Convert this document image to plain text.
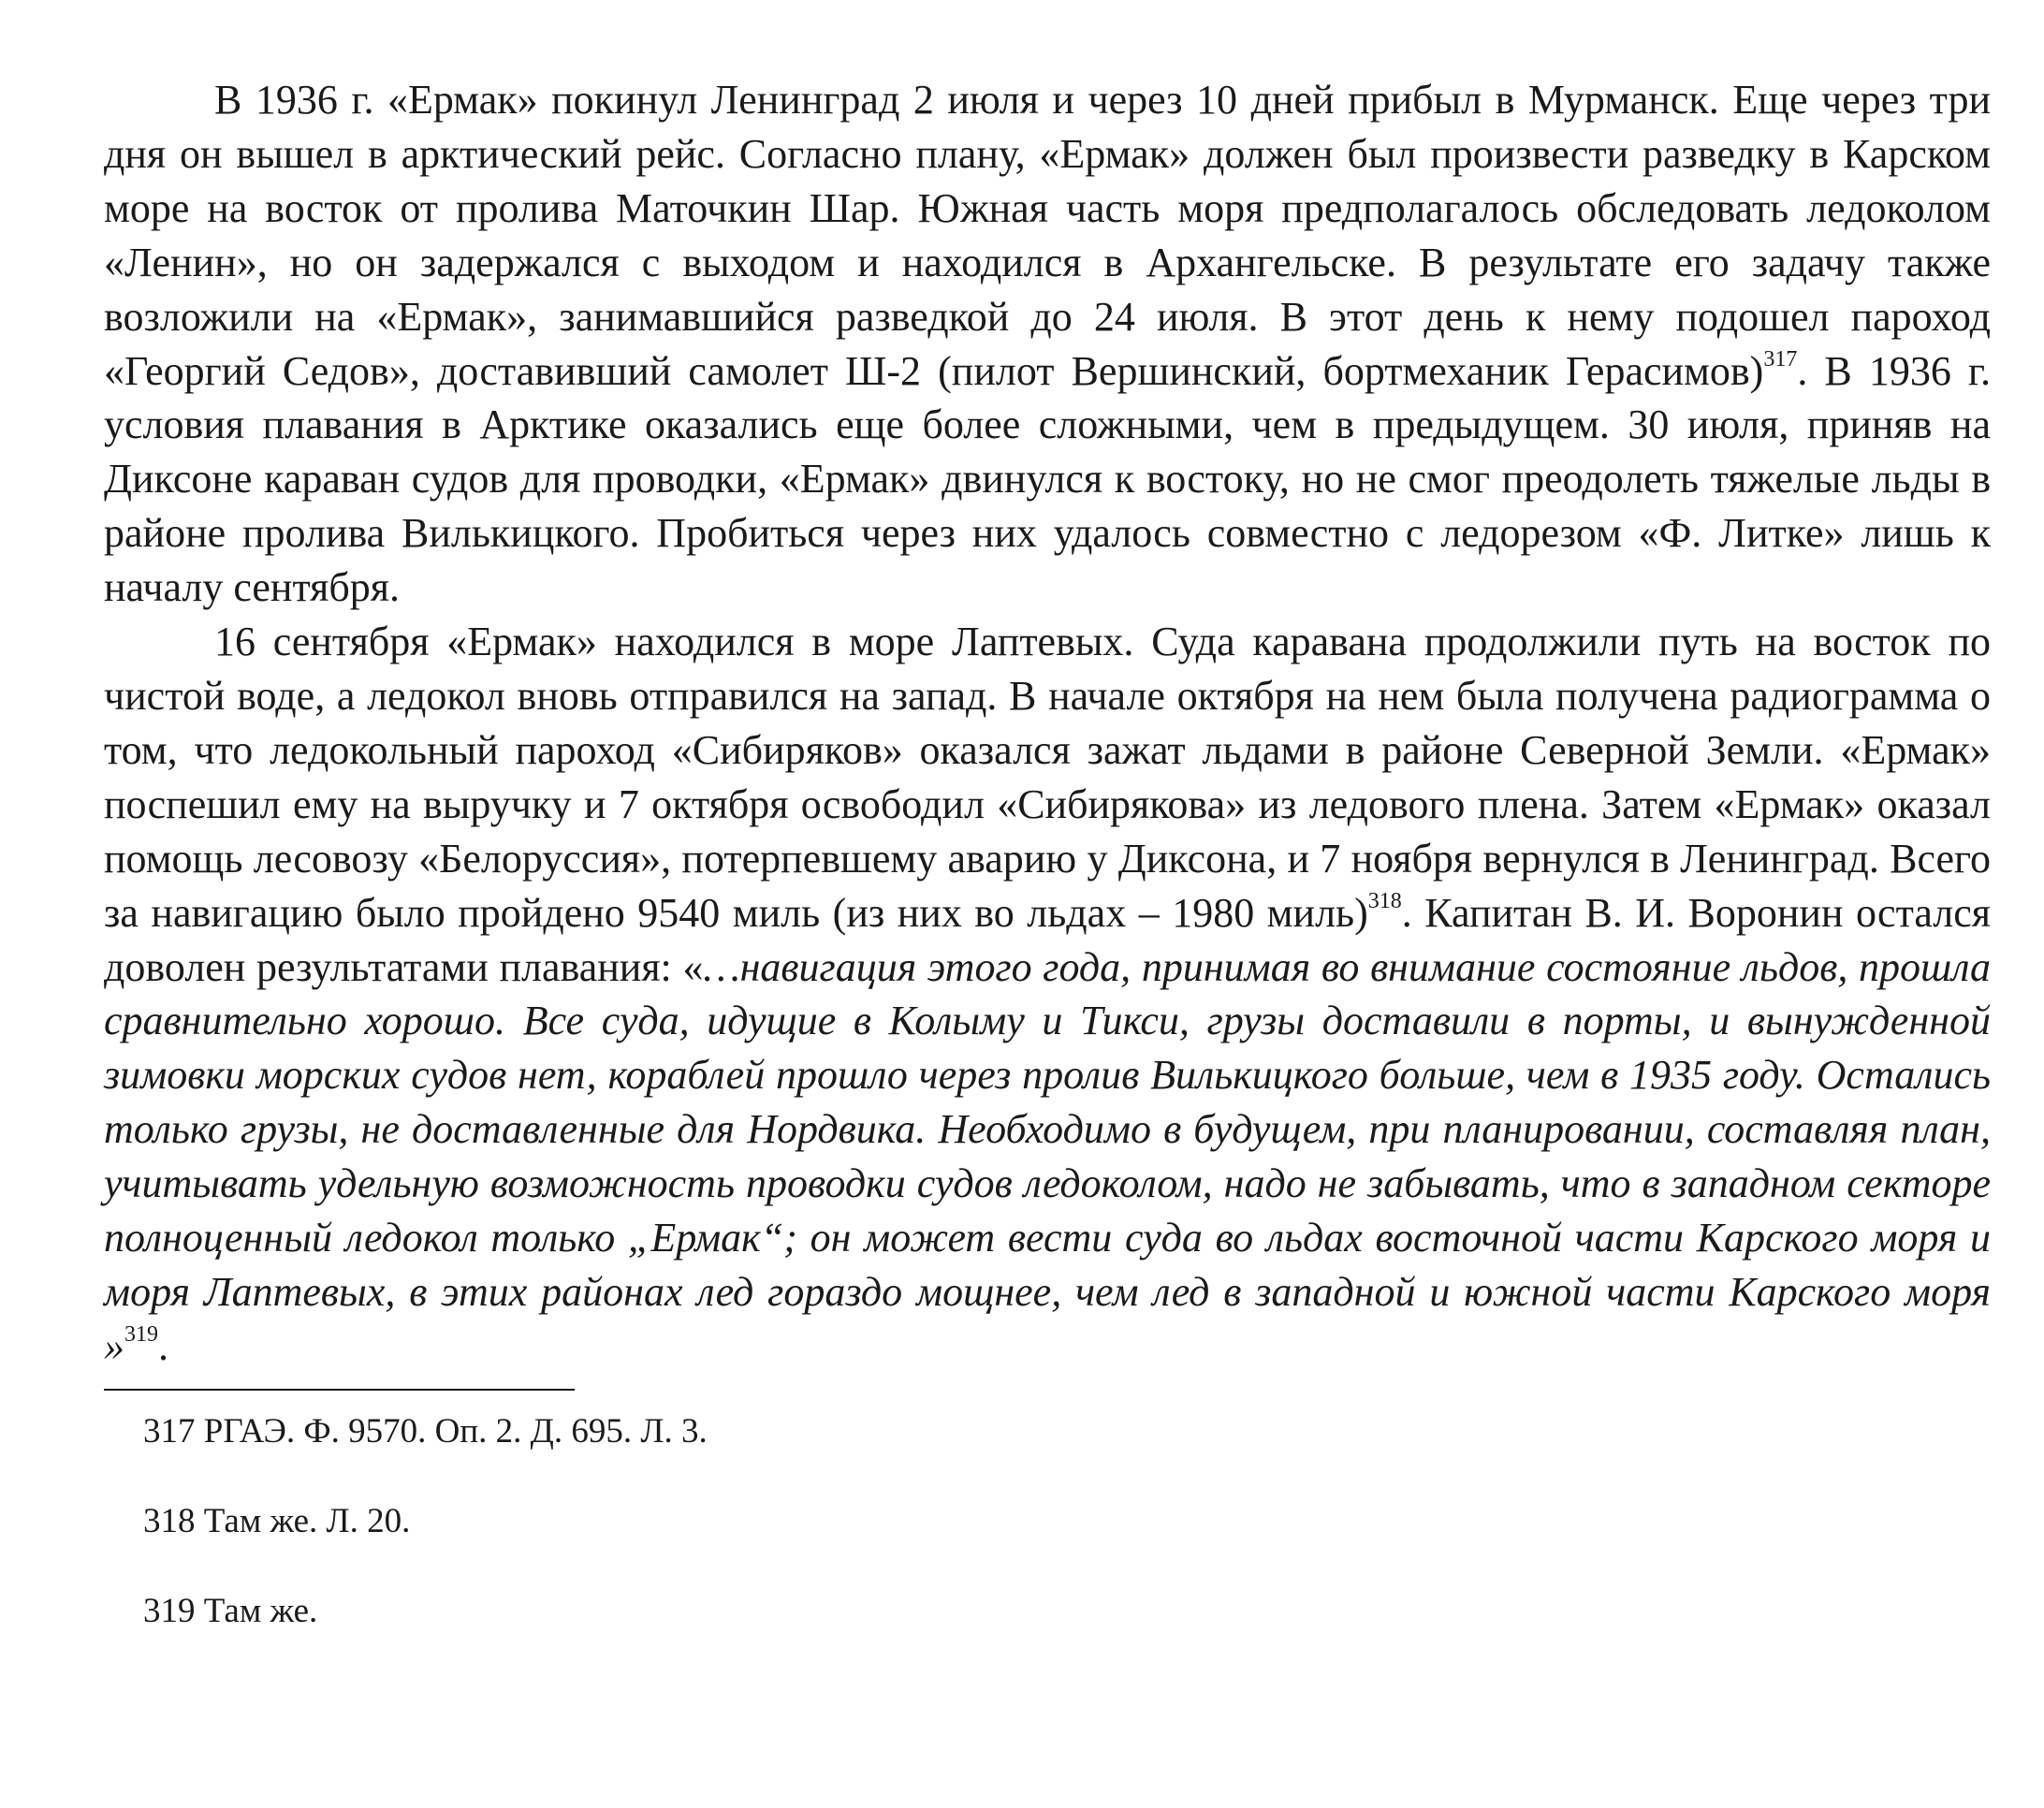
В 1936 г. «Ермак» покинул Ленинград 2 июля и через 10 дней прибыл в Мурманск. Еще через три дня он вышел в арктический рейс. Согласно плану, «Ермак» должен был произвести разведку в Карском море на восток от пролива Маточкин Шар. Южная часть моря предполагалось обследовать ледоколом «Ленин», но он задержался с выходом и находился в Архангельске. В результате его задачу также возложили на «Ермак», занимавшийся разведкой до 24 июля. В этот день к нему подошел пароход «Георгий Седов», доставивший самолет Ш-2 (пилот Вершинский, бортмеханик Герасимов)$^{317}$. В 1936 г. условия плавания в Арктике оказались еще более сложными, чем в предыдущем. 30 июля, приняв на Диксоне караван судов для проводки, «Ермак» двинулся к востоку, но не смог преодолеть тяжелые льды в районе пролива Вилькицкого. Пробиться через них удалось совместно с ледорезом «Ф. Литке» лишь к началу сентября.

16 сентября «Ермак» находился в море Лаптевых. Суда каравана продолжили путь на восток по чистой воде, а ледокол вновь отправился на запад. В начале октября на нем была получена радиограмма о том, что ледокольный пароход «Сибиряков» оказался зажат льдами в районе Северной Земли. «Ермак» поспешил ему на выручку и 7 октября освободил «Сибирякова» из ледового плена. Затем «Ермак» оказал помощь лесовозу «Белоруссия», потерпевшему аварию у Диксона, и 7 ноября вернулся в Ленинград. Всего за навигацию было пройдено 9540 миль (из них во льдах – 1980 миль)$^{318}$. Капитан В. И. Воронин остался доволен результатами плавания: «…навигация этого года, принимая во внимание состояние льдов, прошла сравнительно хорошо. Все суда, идущие в Колыму и Тикси, грузы доставили в порты, и вынужденной зимовки морских судов нет, кораблей прошло через пролив Вилькицкого больше, чем в 1935 году. Остались только грузы, не доставленные для Нордвика. Необходимо в будущем, при планировании, составляя план, учитывать удельную возможность проводки судов ледоколом, надо не забывать, что в западном секторе полноценный ледокол только „Ермак“; он может вести суда во льдах восточной части Карского моря и моря Лаптевых, в этих районах лед гораздо мощнее, чем лед в западной и южной части Карского моря »$^{319}$.

317 РГАЭ. Ф. 9570. Оп. 2. Д. 695. Л. 3.

318 Там же. Л. 20.

319 Там же.
